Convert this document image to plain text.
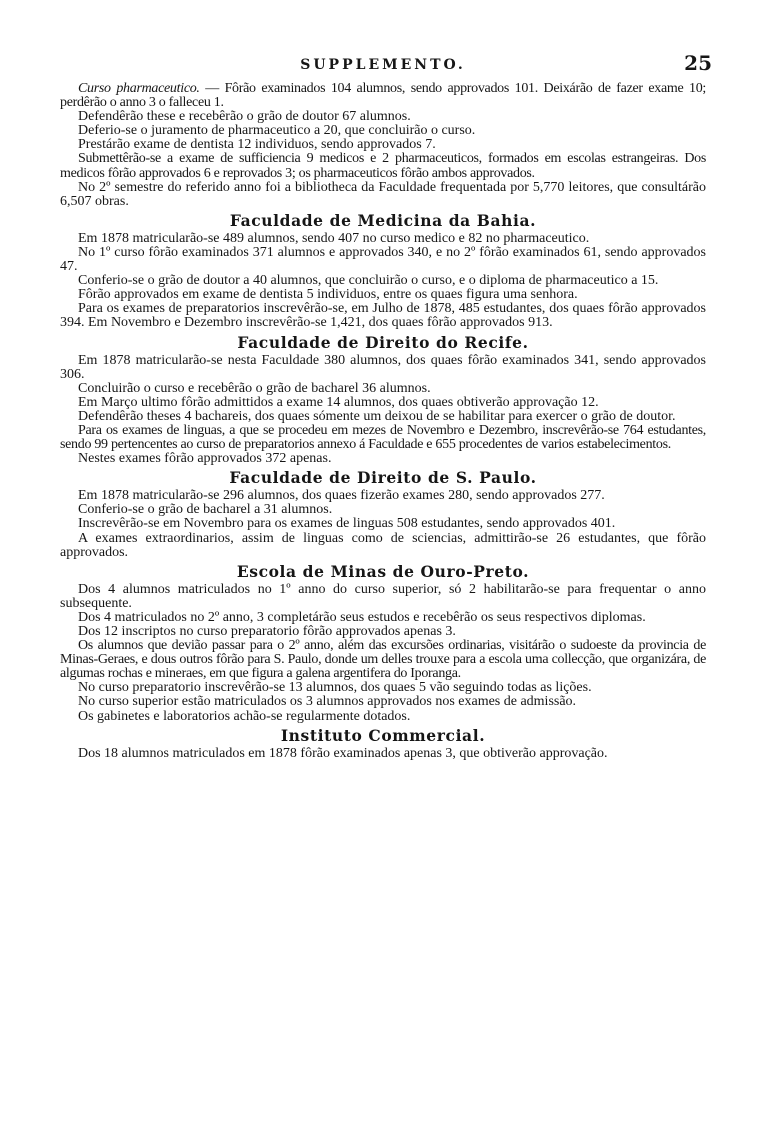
SUPPLEMENTO.	25

Curso pharmaceutico. — Fôrão examinados 104 alumnos, sendo approvados 101. Deixárão de fazer exame 10; perdêrão o anno 3 o falleceu 1.

Defendêrão these e recebêrão o grão de doutor 67 alumnos.

Deferio-se o juramento de pharmaceutico a 20, que concluirão o curso.

Prestárão exame de dentista 12 individuos, sendo approvados 7.

Submettêrão-se a exame de sufficiencia 9 medicos e 2 pharmaceuticos, formados em escolas estrangeiras. Dos medicos fôrão approvados 6 e reprovados 3; os pharmaceuticos fôrão ambos approvados.

No 2º semestre do referido anno foi a bibliotheca da Faculdade frequentada por 5,770 leitores, que consultárão 6,507 obras.

Faculdade de Medicina da Bahia.

Em 1878 matricularão-se 489 alumnos, sendo 407 no curso medico e 82 no pharmaceutico.

No 1º curso fôrão examinados 371 alumnos e approvados 340, e no 2º fôrão examinados 61, sendo approvados 47.

Conferio-se o grão de doutor a 40 alumnos, que concluirão o curso, e o diploma de pharmaceutico a 15.

Fôrão approvados em exame de dentista 5 individuos, entre os quaes figura uma senhora.

Para os exames de preparatorios inscrevêrão-se, em Julho de 1878, 485 estudantes, dos quaes fôrão approvados 394. Em Novembro e Dezembro inscrevêrão-se 1,421, dos quaes fôrão approvados 913.

Faculdade de Direito do Recife.

Em 1878 matricularão-se nesta Faculdade 380 alumnos, dos quaes fôrão examinados 341, sendo approvados 306.

Concluirão o curso e recebêrão o grão de bacharel 36 alumnos.

Em Março ultimo fôrão admittidos a exame 14 alumnos, dos quaes obtiverão approvação 12.

Defendêrão theses 4 bachareis, dos quaes sómente um deixou de se habilitar para exercer o grão de doutor.

Para os exames de linguas, a que se procedeu em mezes de Novembro e Dezembro, inscrevêrão-se 764 estudantes, sendo 99 pertencentes ao curso de preparatorios annexo á Faculdade e 655 procedentes de varios estabelecimentos.

Nestes exames fôrão approvados 372 apenas.

Faculdade de Direito de S. Paulo.

Em 1878 matricularão-se 296 alumnos, dos quaes fizerão exames 280, sendo approvados 277.

Conferio-se o grão de bacharel a 31 alumnos.

Inscrevêrão-se em Novembro para os exames de linguas 508 estudantes, sendo approvados 401.

A exames extraordinarios, assim de linguas como de sciencias, admittirão-se 26 estudantes, que fôrão approvados.

Escola de Minas de Ouro-Preto.

Dos 4 alumnos matriculados no 1º anno do curso superior, só 2 habilitarão-se para frequentar o anno subsequente.

Dos 4 matriculados no 2º anno, 3 completárão seus estudos e recebêrão os seus respectivos diplomas.

Dos 12 inscriptos no curso preparatorio fôrão approvados apenas 3.

Os alumnos que devião passar para o 2º anno, além das excursões ordinarias, visitárão o sudoeste da provincia de Minas-Geraes, e dous outros fôrão para S. Paulo, donde um delles trouxe para a escola uma collecção, que organizára, de algumas rochas e mineraes, em que figura a galena argentifera do Iporanga.

No curso preparatorio inscrevêrão-se 13 alumnos, dos quaes 5 vão seguindo todas as lições.

No curso superior estão matriculados os 3 alumnos approvados nos exames de admissão.

Os gabinetes e laboratorios achão-se regularmente dotados.

Instituto Commercial.

Dos 18 alumnos matriculados em 1878 fôrão examinados apenas 3, que obtiverão approvação.
